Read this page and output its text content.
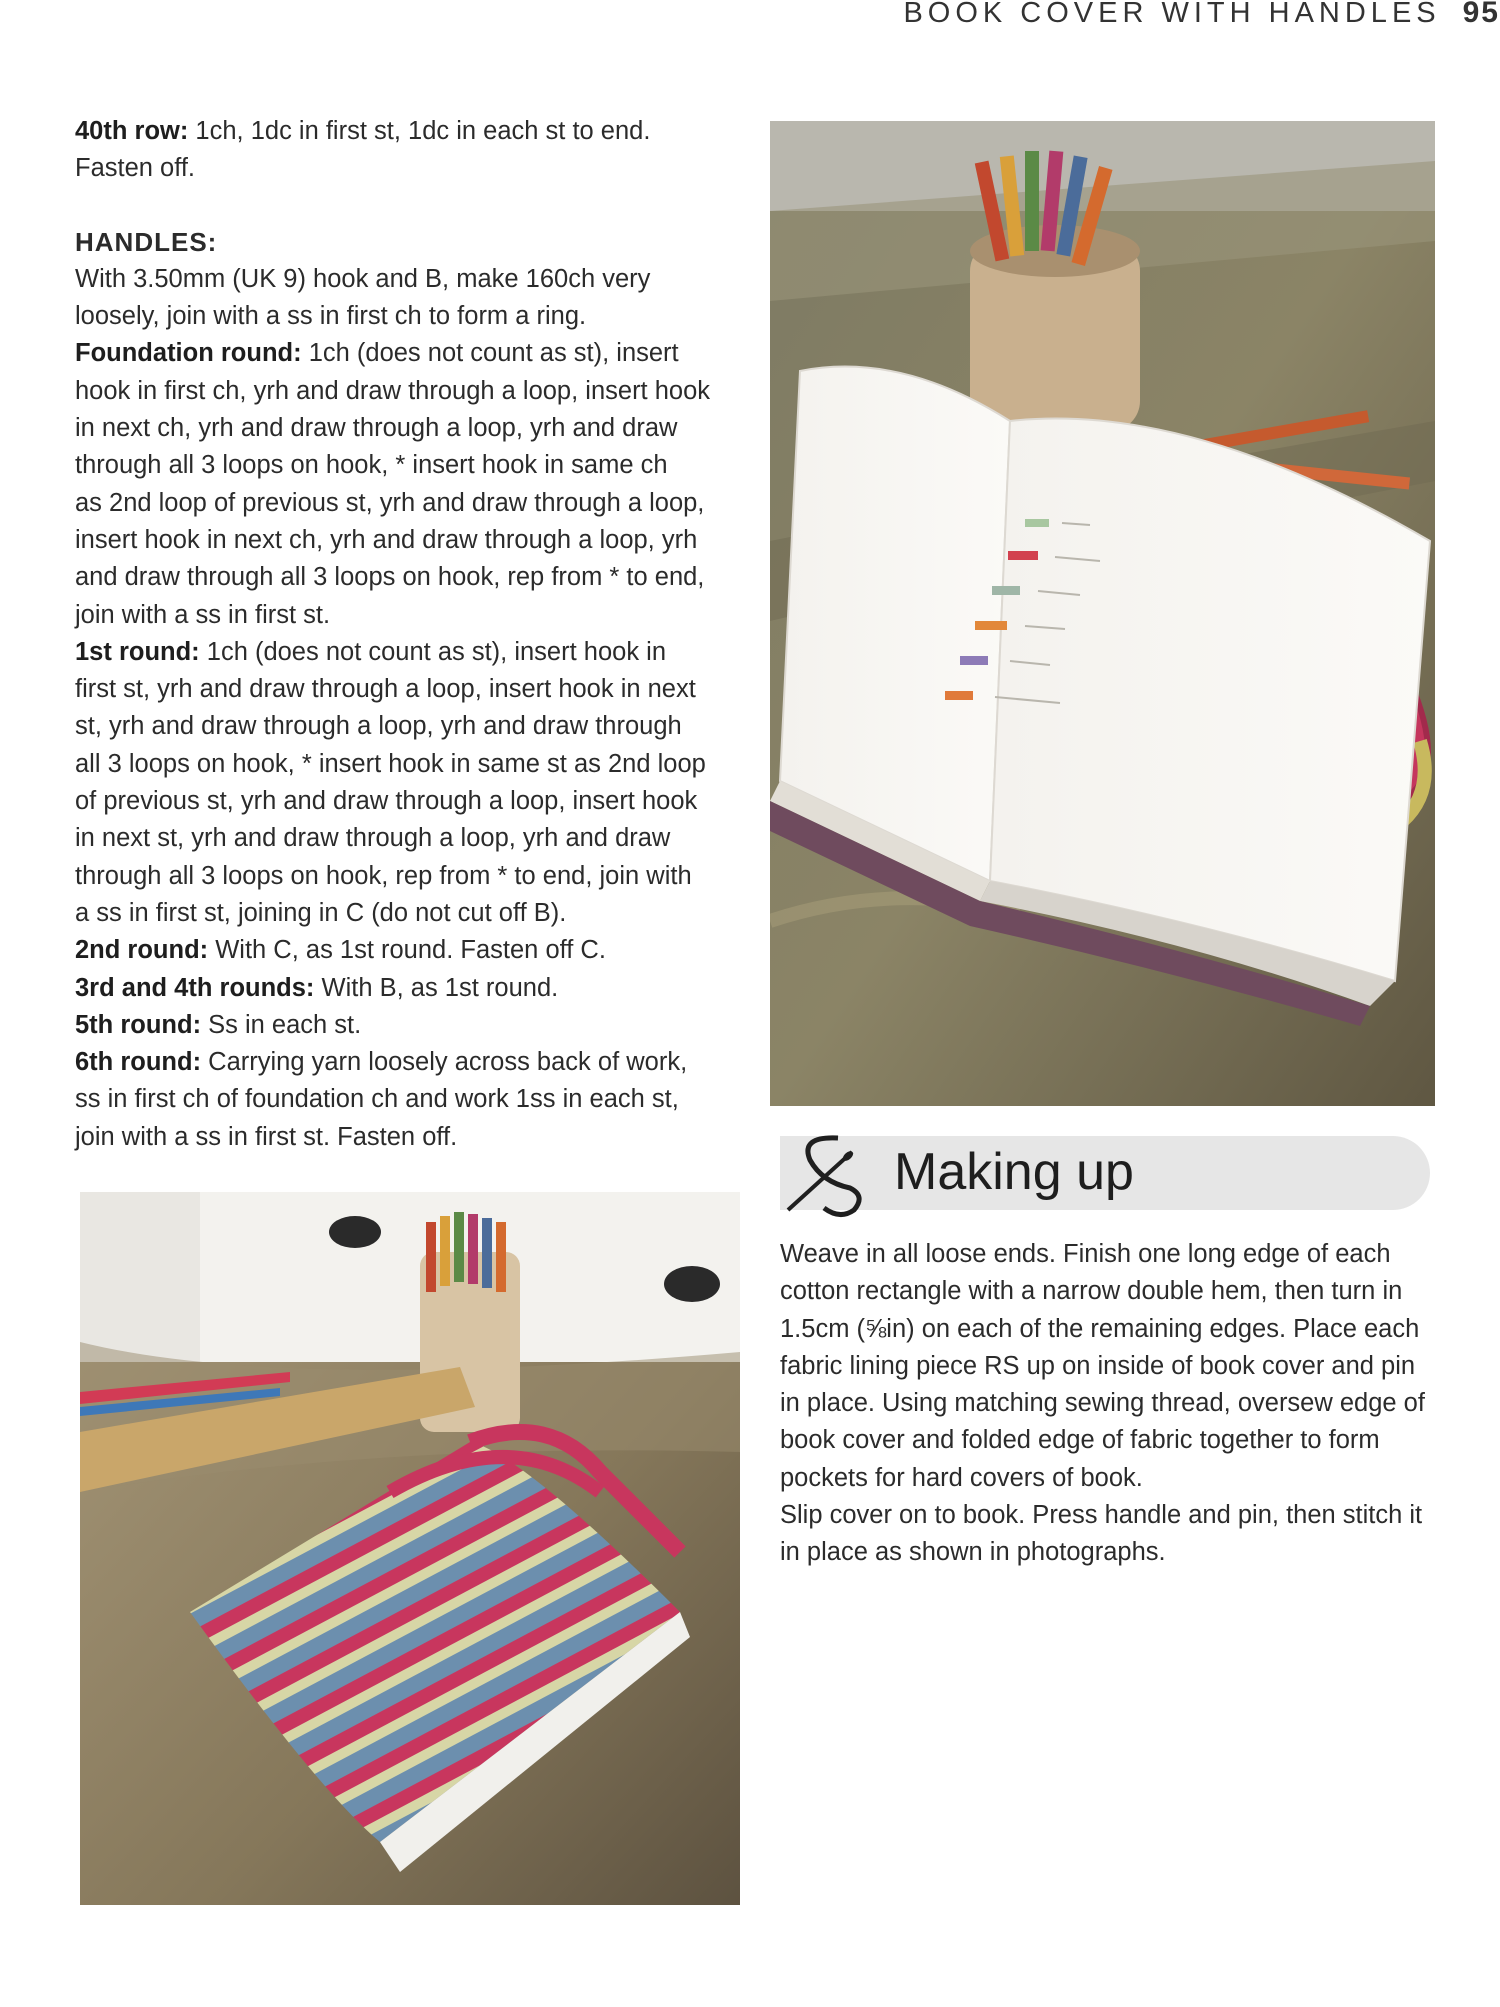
BOOK COVER WITH HANDLES 95

40th row: 1ch, 1dc in first st, 1dc in each st to end.

Fasten off.

HANDLES:

With 3.50mm (UK 9) hook and B, make 160ch very

loosely, join with a ss in first ch to form a ring.

Foundation round: 1ch (does not count as st), insert

hook in first ch, yrh and draw through a loop, insert hook

in next ch, yrh and draw through a loop, yrh and draw

through all 3 loops on hook, * insert hook in same ch

as 2nd loop of previous st, yrh and draw through a loop,

insert hook in next ch, yrh and draw through a loop, yrh

and draw through all 3 loops on hook, rep from * to end,

join with a ss in first st.

1st round: 1ch (does not count as st), insert hook in

first st, yrh and draw through a loop, insert hook in next

st, yrh and draw through a loop, yrh and draw through

all 3 loops on hook, * insert hook in same st as 2nd loop

of previous st, yrh and draw through a loop, insert hook

in next st, yrh and draw through a loop, yrh and draw

through all 3 loops on hook, rep from * to end, join with

a ss in first st, joining in C (do not cut off B).

2nd round: With C, as 1st round. Fasten off C.

3rd and 4th rounds: With B, as 1st round.

5th round: Ss in each st.

6th round: Carrying yarn loosely across back of work,

ss in first ch of foundation ch and work 1ss in each st,

join with a ss in first st. Fasten off.

Making up

Weave in all loose ends. Finish one long edge of each

cotton rectangle with a narrow double hem, then turn in

1.5cm (⅝in) on each of the remaining edges. Place each

fabric lining piece RS up on inside of book cover and pin

in place. Using matching sewing thread, oversew edge of

book cover and folded edge of fabric together to form

pockets for hard covers of book.

Slip cover on to book. Press handle and pin, then stitch it

in place as shown in photographs.
